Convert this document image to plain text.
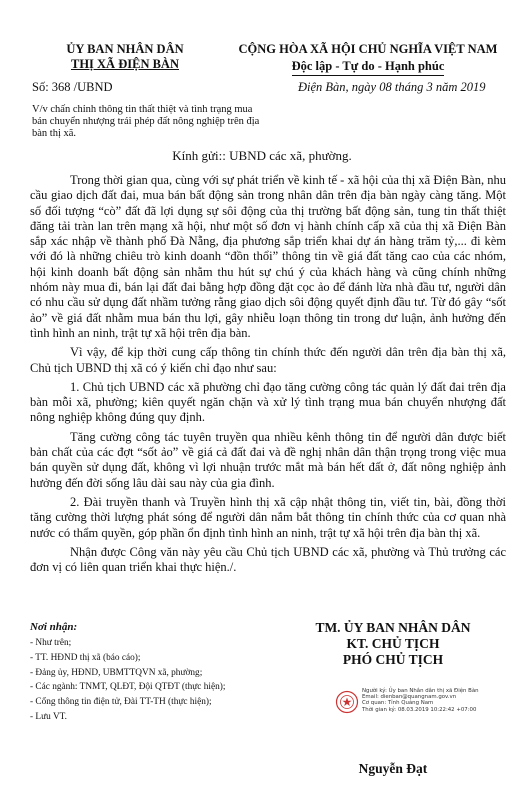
ỦY BAN NHÂN DÂN
THỊ XÃ ĐIỆN BÀN
CỘNG HÒA XÃ HỘI CHỦ NGHĨA VIỆT NAM
Độc lập - Tự do - Hạnh phúc
Số: 368 /UBND	Điện Bàn, ngày 08 tháng 3 năm 2019
V/v chấn chỉnh thông tin thất thiệt và tình trạng mua bán chuyển nhượng trái phép đất nông nghiệp trên địa bàn thị xã.
Kính gửi:: UBND các xã, phường.

Trong thời gian qua, cùng với sự phát triển về kinh tế - xã hội của thị xã Điện Bàn, nhu cầu giao dịch đất đai, mua bán bất động sản trong nhân dân trên địa bàn ngày càng tăng. Một số đối tượng “cò” đất đã lợi dụng sự sôi động của thị trường bất động sản, tung tin thất thiệt đăng tải tràn lan trên mạng xã hội, như một số đơn vị hành chính cấp xã của thị xã Điện Bàn sắp xác nhập về thành phố Đà Nẵng, địa phương sắp triển khai dự án hàng trăm tỷ,... đi kèm với đó là những chiêu trò kinh doanh “đồn thổi” thông tin về giá đất tăng cao của các nhóm, hội kinh doanh bất động sản nhằm thu hút sự chú ý của khách hàng và cũng chính những nhóm này mua đi, bán lại đất đai bằng hợp đồng đặt cọc ảo để đánh lừa nhà đầu tư, người dân có nhu cầu sử dụng đất nhầm tưởng rằng giao dịch sôi động quyết định đầu tư. Từ đó gây “sốt ảo” về giá đất nhằm mua bán thu lợi, gây nhiễu loạn thông tin trong dư luận, ảnh hưởng đến tình hình an ninh, trật tự xã hội trên địa bàn.

Vì vậy, để kịp thời cung cấp thông tin chính thức đến người dân trên địa bàn thị xã, Chủ tịch UBND thị xã có ý kiến chỉ đạo như sau:

1. Chủ tịch UBND các xã phường chỉ đạo tăng cường công tác quản lý đất đai trên địa bàn mỗi xã, phường; kiên quyết ngăn chặn và xử lý tình trạng mua bán chuyển nhượng đất nông nghiệp không đúng quy định.

Tăng cường công tác tuyên truyền qua nhiều kênh thông tin để người dân được biết bản chất của các đợt “sốt ảo” về giá cả đất đai và đề nghị nhân dân thận trọng trong việc mua bán quyền sử dụng đất, không vì lợi nhuận trước mắt mà bán hết đất ở, đất nông nghiệp ảnh hưởng đến đời sống lâu dài sau này của gia đình.

2. Đài truyền thanh và Truyền hình thị xã cập nhật thông tin, viết tin, bài, đồng thời tăng cường thời lượng phát sóng để người dân nắm bắt thông tin chính thức của cơ quan nhà nước có thẩm quyền, góp phần ổn định tình hình an ninh, trật tự xã hội trên địa bàn thị xã.

Nhận được Công văn này yêu cầu Chủ tịch UBND các xã, phường và Thủ trưởng các đơn vị có liên quan triển khai thực hiện./.

Nơi nhận:
- Như trên;
- TT. HĐND thị xã (báo cáo);
- Đảng ủy, HĐND, UBMTTQVN xã, phường;
- Các ngành: TNMT, QLĐT, Đội QTĐT (thực hiện);
- Cổng thông tin điện tử, Đài TT-TH (thực hiện);
- Lưu VT.
TM. ỦY BAN NHÂN DÂN
KT. CHỦ TỊCH
PHÓ CHỦ TỊCH
Người ký: Ủy ban Nhân dân thị xã Điện Bàn
Email: dienban@quangnam.gov.vn
Cơ quan: Tỉnh Quảng Nam
Thời gian ký: 08.03.2019 10:22:42 +07:00
Nguyễn Đạt
